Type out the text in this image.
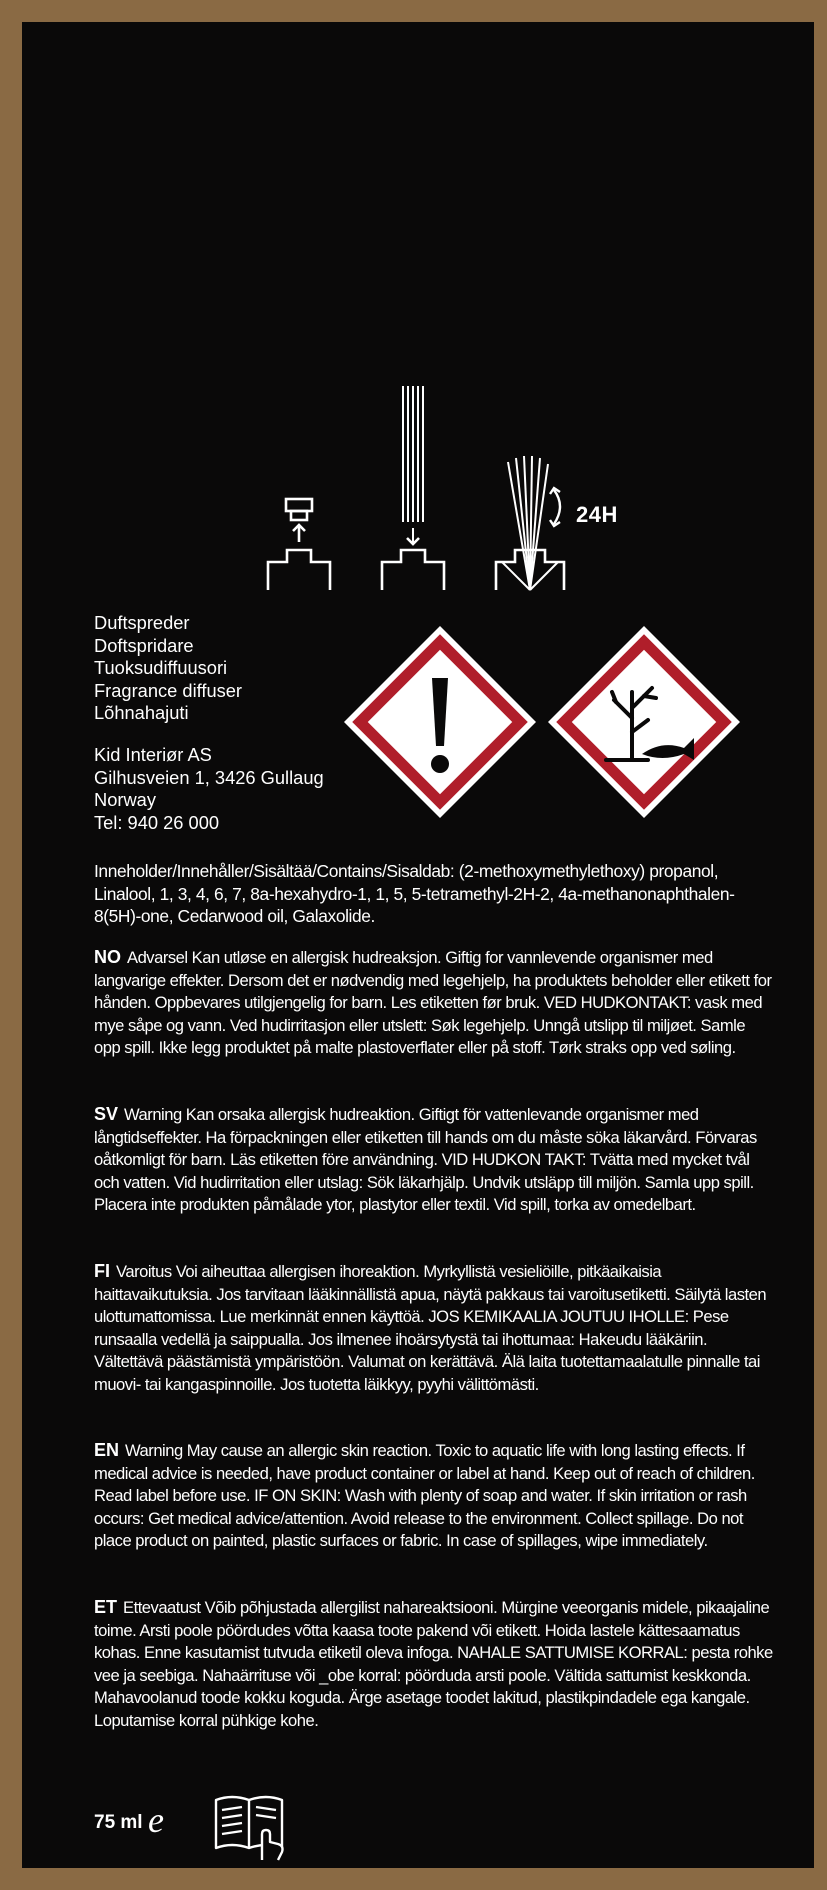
24H
Duftspreder
Doftspridare
Tuoksudiffuusori
Fragrance diffuser
Lõhnahajuti
Kid Interiør AS
Gilhusveien 1, 3426 Gullaug
Norway
Tel: 940 26 000
Inneholder/Innehåller/Sisältää/Contains/Sisaldab: (2-methoxymethylethoxy) propanol, Linalool, 1, 3, 4, 6, 7, 8a-hexahydro-1, 1, 5, 5-tetramethyl-2H-2, 4a-methanonaphthalen-8(5H)-one, Cedarwood oil, Galaxolide.
NO Advarsel Kan utløse en allergisk hudreaksjon. Giftig for vannlevende organismer med langvarige effekter. Dersom det er nødvendig med legehjelp, ha produktets beholder eller etikett for hånden. Oppbevares utilgjengelig for barn. Les etiketten før bruk. VED HUDKONTAKT: vask med mye såpe og vann. Ved hudirritasjon eller utslett: Søk legehjelp. Unngå utslipp til miljøet. Samle opp spill. Ikke legg produktet på malte plastoverflater eller på stoff. Tørk straks opp ved søling.
SV Warning Kan orsaka allergisk hudreaktion. Giftigt för vattenlevande organismer med långtidseffekter. Ha förpackningen eller etiketten till hands om du måste söka läkarvård. Förvaras oåtkomligt för barn. Läs etiketten före användning. VID HUDKON TAKT: Tvätta med mycket tvål och vatten. Vid hudirritation eller utslag: Sök läkarhjälp. Undvik utsläpp till miljön. Samla upp spill. Placera inte produkten påmålade ytor, plastytor eller textil. Vid spill, torka av omedelbart.
FI Varoitus Voi aiheuttaa allergisen ihoreaktion. Myrkyllistä vesieliöille, pitkäaikaisia haittavaikutuksia. Jos tarvitaan lääkinnällistä apua, näytä pakkaus tai varoitusetiketti. Säilytä lasten ulottumattomissa. Lue merkinnät ennen käyttöä. JOS KEMIKAALIA JOUTUU IHOLLE: Pese runsaalla vedellä ja saippualla. Jos ilmenee ihoärsytystä tai ihottumaa: Hakeudu lääkäriin. Vältettävä päästämistä ympäristöön. Valumat on kerättävä. Älä laita tuotettamaalatulle pinnalle tai muovi- tai kangaspinnoille. Jos tuotetta läikkyy, pyyhi välittömästi.
EN Warning May cause an allergic skin reaction. Toxic to aquatic life with long lasting effects. If medical advice is needed, have product container or label at hand. Keep out of reach of children. Read label before use. IF ON SKIN: Wash with plenty of soap and water. If skin irritation or rash occurs: Get medical advice/attention. Avoid release to the environment. Collect spillage. Do not place product on painted, plastic surfaces or fabric. In case of spillages, wipe immediately.
ET Ettevaatust Võib põhjustada allergilist nahareaktsiooni. Mürgine veeorganis midele, pikaajaline toime. Arsti poole pöördudes võtta kaasa toote pakend või etikett. Hoida lastele kättesaamatus kohas. Enne kasutamist tutvuda etiketil oleva infoga. NAHALE SATTUMISE KORRAL: pesta rohke vee ja seebiga. Nahaärrituse või _obe korral: pöörduda arsti poole. Vältida sattumist keskkonda. Mahavoolanud toode kokku koguda. Ärge asetage toodet lakitud, plastikpindadele ega kangale. Loputamise korral pühkige kohe.
75 ml e
